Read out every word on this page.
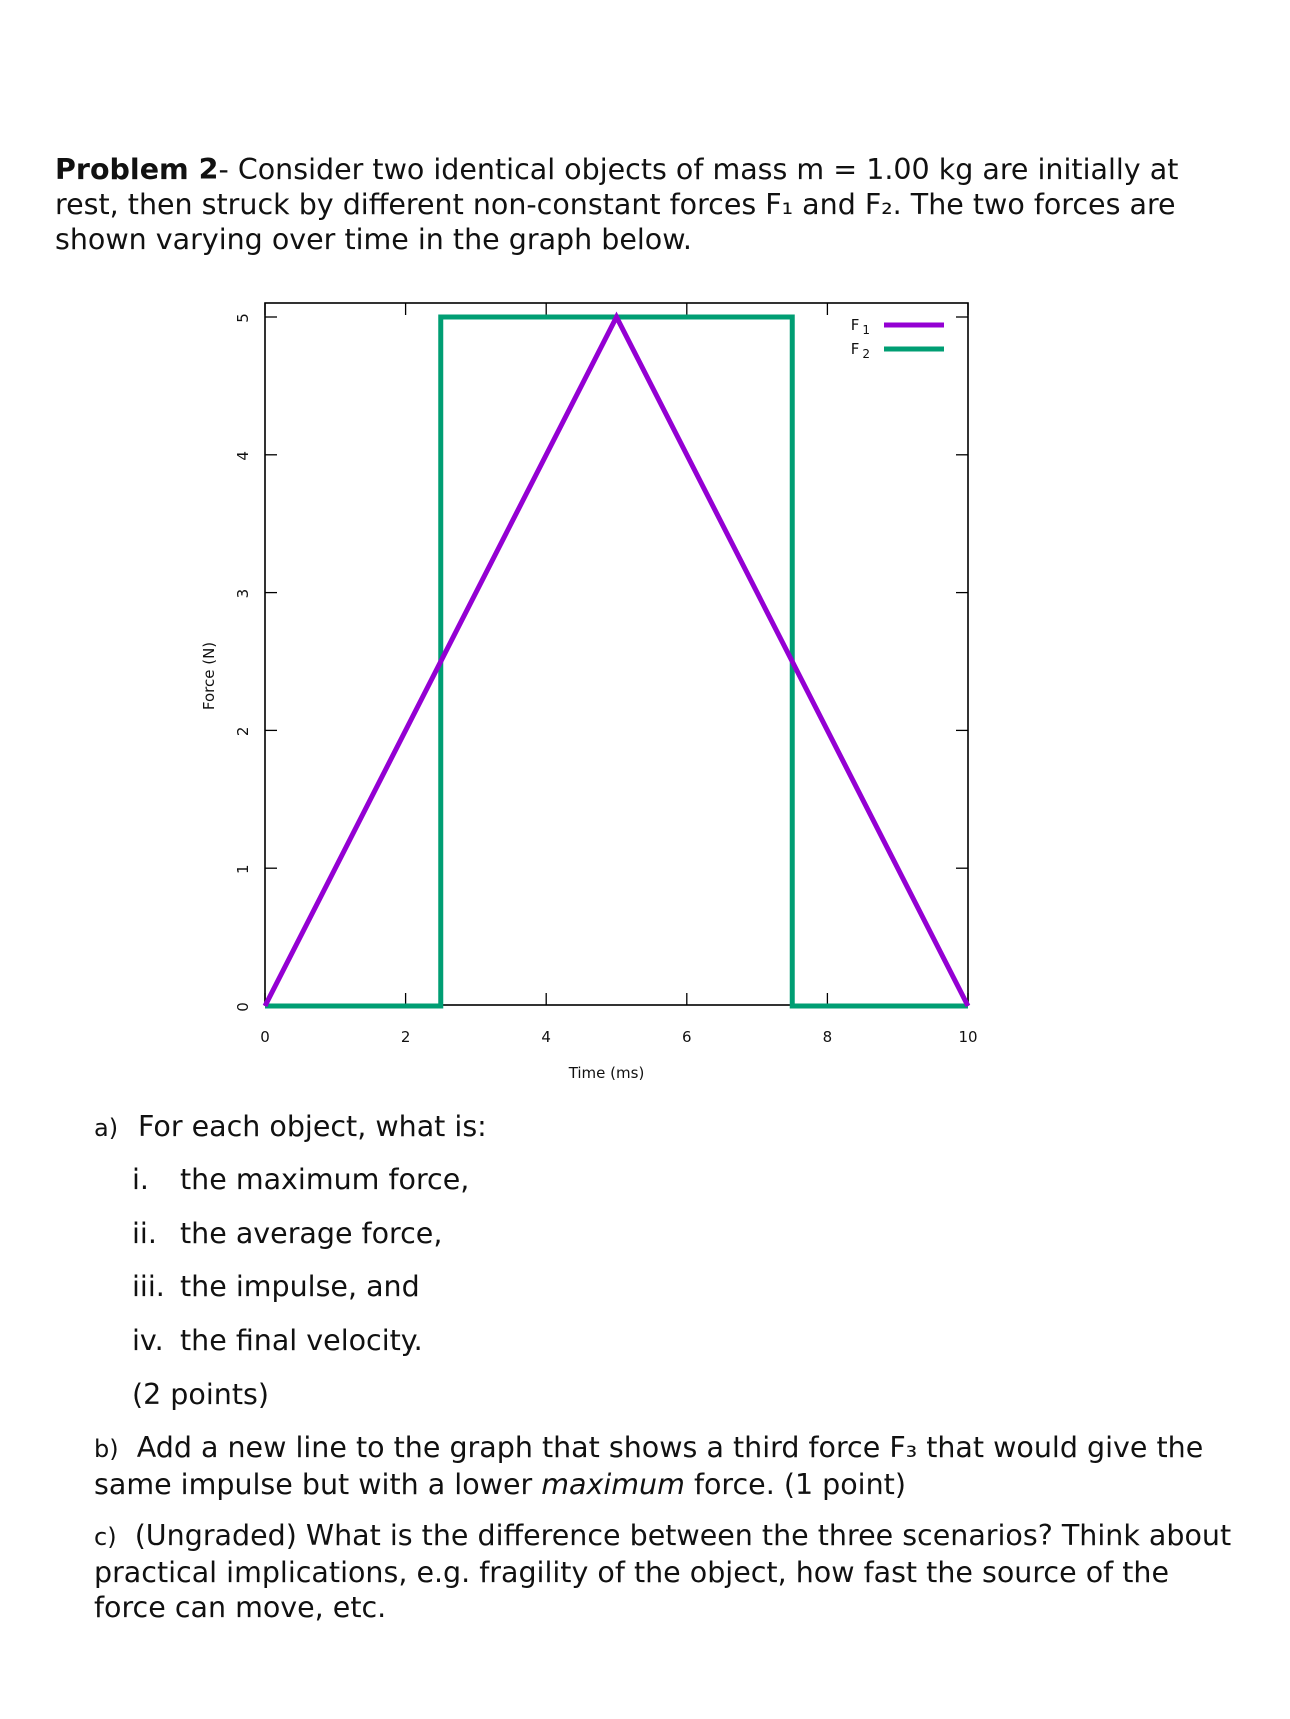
Problem 2- Consider two identical objects of mass m = 1.00 kg are initially at rest, then struck by different non-constant forces F₁ and F₂. The two forces are shown varying over time in the graph below.
0	2	4	6	8	10
0
1
2
3
4
5
Time (ms)
Force (N)
F $_1$
F $_2$
a) For each object, what is:
i. the maximum force,
ii. the average force,
iii. the impulse, and
iv. the final velocity.
(2 points)
b) Add a new line to the graph that shows a third force F₃ that would give the same impulse but with a lower maximum force. (1 point)
c) (Ungraded) What is the difference between the three scenarios? Think about practical implications, e.g. fragility of the object, how fast the source of the force can move, etc.
